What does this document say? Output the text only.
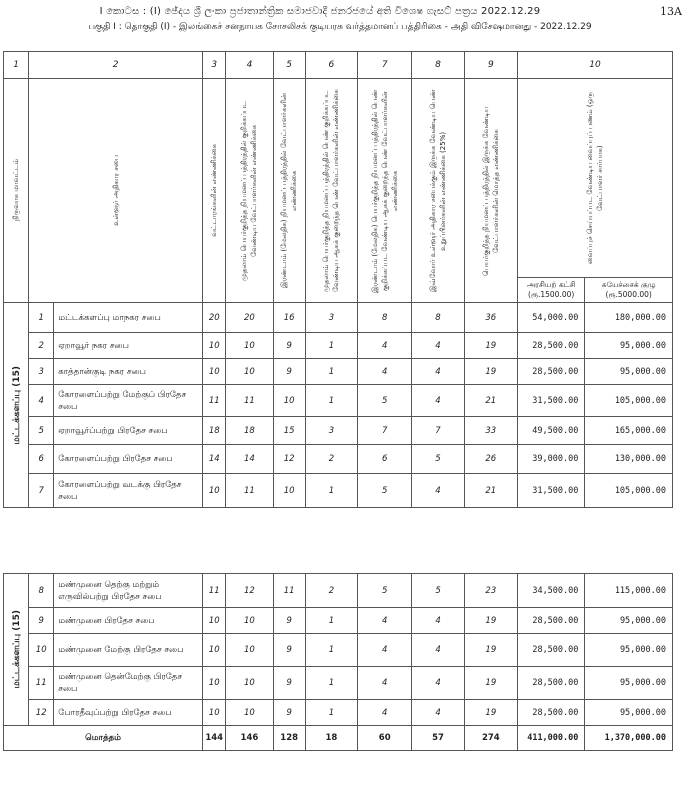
I කොටස : (I) ඡේදය ශ්‍රී ලංකා ප්‍රජාතාන්ත්‍රික සමාජවාදී ජනරජයේ අති විශෙෂ ගැසට් පත්‍රය 2022.12.29	13A
பகுதி I : தொகுதி (I) - இலங்கைச் சனநாயக சோசலிசக் குடியரசு வர்த்தமானப் பத்திரிகை - அதி விசேஷமானது - 2022.12.29
1	2		3	4	5	6	7	8	9	10	

நிருவாக மாவட்டம்	உள்ளூர் அதிகார சபை		வட்டாரங்களின் எண்ணிக்கை	முதலாம் பெயர்குறித்த நியமனப் பத்திரத்தில் குறிக்கப்பட வேண்டிய வேட்பாளர்களின் எண்ணிக்கை	இரண்டாம் (மேலதிக) நியமனப் பத்திரத்தில் வேட்பாளர்களின் எண்ணிக்கை	முதலாம் பெயர்குறித்த நியமனப் பத்திரத்தில் பெண் குறிக்கப்பட வேண்டிய ஆகக் குறைந்த பெண் வேட்பாளர்களின் எண்ணிக்கை	இரண்டாம் (மேலதிக) பெயர்குறித்த நியமனப் பத்திரத்தில் பெண் குறிக்கப்பட வேண்டிய ஆகக் குறைந்த பெண் வேட்பாளர்களின் எண்ணிக்கை	இவ்வோர் உள்ளூர் அதிகார சபைக்கும் இருக்க வேண்டிய பெண் உறுப்பினர்களின் எண்ணிக்கை (25%)	பெயர்குறித்த நியமனப் பத்திரத்தில் இருக்க வேண்டிய வேட்பாளர்களின் மொத்த எண்ணிக்கை	வைப்புச் செய்யப்பட வேண்டிய வைப்புப் பணம் (ஒரு வேட்பாளர் சார்பாக)	

										அரசியற் கட்சி (ரூ.1500.00)	சுயேச்சைக் குழு (ரூ.5000.00)

மட்டக்களப்பு (15)	1	மட்டக்களப்பு மாநகர சபை	20	20	16	3	8	8	36	54,000.00	180,000.00
	2	ஏறாவூர் நகர சபை	10	10	9	1	4	4	19	28,500.00	95,000.00
	3	காத்தான்குடி நகர சபை	10	10	9	1	4	4	19	28,500.00	95,000.00
	4	கோரளைப்பற்று மேற்குப் பிரதேச சபை	11	11	10	1	5	4	21	31,500.00	105,000.00
	5	ஏறாவூர்ப்பற்று பிரதேச சபை	18	18	15	3	7	7	33	49,500.00	165,000.00
	6	கோரளைப்பற்று பிரதேச சபை	14	14	12	2	6	5	26	39,000.00	130,000.00
	7	கோரளைப்பற்று வடக்கு பிரதேச சபை	10	11	10	1	5	4	21	31,500.00	105,000.00
மட்டக்களப்பு (15)	8	மண்முனை தெற்கு மற்றும் எருவில்பற்று பிரதேச சபை	11	12	11	2	5	5	23	34,500.00	115,000.00
	9	மண்முனை பிரதேச சபை	10	10	9	1	4	4	19	28,500.00	95,000.00
	10	மண்முனை மேற்கு பிரதேச சபை	10	10	9	1	4	4	19	28,500.00	95,000.00
	11	மண்முனை தென்மேற்கு பிரதேச சபை	10	10	9	1	4	4	19	28,500.00	95,000.00
	12	போரதீவுப்பற்று பிரதேச சபை	10	10	9	1	4	4	19	28,500.00	95,000.00
மொத்தம்			144	146	128	18	60	57	274	411,000.00	1,370,000.00
